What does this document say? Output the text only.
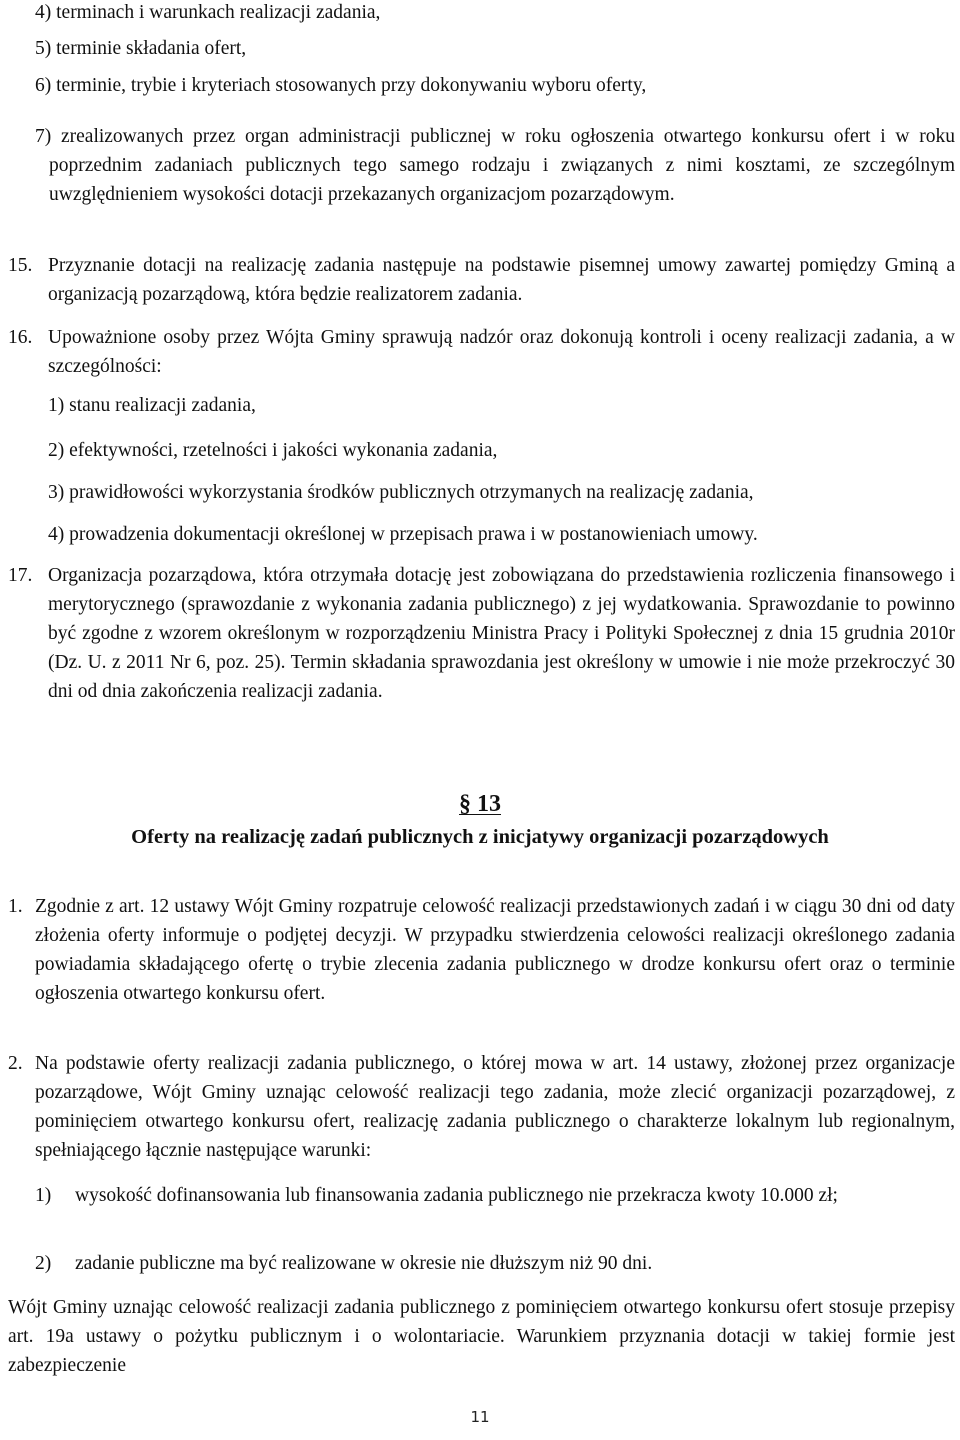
4) terminach i warunkach realizacji zadania,
5) terminie składania ofert,
6) terminie, trybie i kryteriach stosowanych przy dokonywaniu wyboru oferty,
7) zrealizowanych przez organ administracji publicznej w roku ogłoszenia otwartego konkursu ofert i w roku poprzednim zadaniach publicznych tego samego rodzaju i związanych z nimi kosztami, ze szczególnym uwzględnieniem wysokości dotacji przekazanych organizacjom pozarządowym.
15. Przyznanie dotacji na realizację zadania następuje na podstawie pisemnej umowy zawartej pomiędzy Gminą a organizacją pozarządową, która będzie realizatorem zadania.
16. Upoważnione osoby przez Wójta Gminy sprawują nadzór oraz dokonują kontroli i oceny realizacji zadania, a w szczególności:
1) stanu realizacji zadania,
2) efektywności, rzetelności i jakości wykonania zadania,
3) prawidłowości wykorzystania środków publicznych otrzymanych na realizację zadania,
4) prowadzenia dokumentacji określonej w przepisach prawa i w postanowieniach umowy.
17. Organizacja pozarządowa, która otrzymała dotację jest zobowiązana do przedstawienia rozliczenia finansowego i merytorycznego (sprawozdanie z wykonania zadania publicznego) z jej wydatkowania. Sprawozdanie to powinno być zgodne z wzorem określonym w rozporządzeniu Ministra Pracy i Polityki Społecznej z dnia 15 grudnia 2010r (Dz. U. z 2011 Nr 6, poz. 25). Termin składania sprawozdania jest określony w umowie i nie może przekroczyć 30 dni od dnia zakończenia realizacji zadania.
§ 13
Oferty na realizację zadań publicznych z inicjatywy organizacji pozarządowych
1. Zgodnie z art. 12 ustawy Wójt Gminy rozpatruje celowość realizacji przedstawionych zadań i w ciągu 30 dni od daty złożenia oferty informuje o podjętej decyzji. W przypadku stwierdzenia celowości realizacji określonego zadania powiadamia składającego ofertę o trybie zlecenia zadania publicznego w drodze konkursu ofert oraz o terminie ogłoszenia otwartego konkursu ofert.
2. Na podstawie oferty realizacji zadania publicznego, o której mowa w art. 14 ustawy, złożonej przez organizacje pozarządowe, Wójt Gminy uznając celowość realizacji tego zadania, może zlecić organizacji pozarządowej, z pominięciem otwartego konkursu ofert, realizację zadania publicznego o charakterze lokalnym lub regionalnym, spełniającego łącznie następujące warunki:
1) wysokość dofinansowania lub finansowania zadania publicznego nie przekracza kwoty 10.000 zł;
2) zadanie publiczne ma być realizowane w okresie nie dłuższym niż 90 dni.
Wójt Gminy uznając celowość realizacji zadania publicznego z pominięciem otwartego konkursu ofert stosuje przepisy art. 19a ustawy o pożytku publicznym i o wolontariacie. Warunkiem przyznania dotacji w takiej formie jest zabezpieczenie
11
